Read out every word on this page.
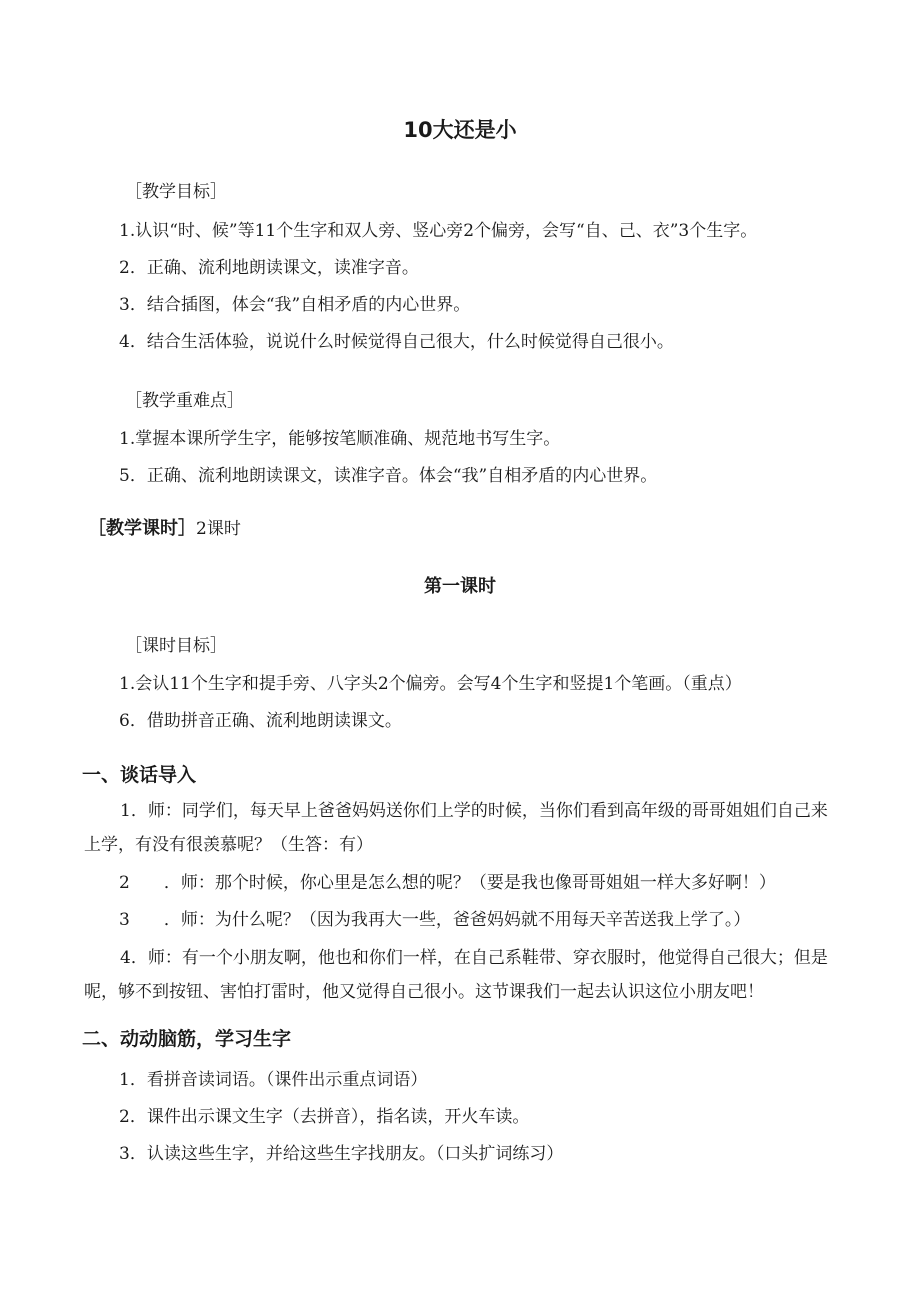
10大还是小
［教学目标］
1.认识“时、候”等11个生字和双人旁、竖心旁2个偏旁，会写“自、己、衣”3个生字。
2．正确、流利地朗读课文，读准字音。
3．结合插图，体会“我”自相矛盾的内心世界。
4．结合生活体验，说说什么时候觉得自己很大，什么时候觉得自己很小。
［教学重难点］
1.掌握本课所学生字，能够按笔顺准确、规范地书写生字。
5．正确、流利地朗读课文，读准字音。体会“我”自相矛盾的内心世界。
［教学课时］2课时
第一课时
［课时目标］
1.会认11个生字和提手旁、八字头2个偏旁。会写4个生字和竖提1个笔画。（重点）
6．借助拼音正确、流利地朗读课文。
一、谈话导入
1．师：同学们，每天早上爸爸妈妈送你们上学的时候，当你们看到高年级的哥哥姐姐们自己来上学，有没有很羡慕呢？（生答：有）
2　　．师：那个时候，你心里是怎么想的呢？（要是我也像哥哥姐姐一样大多好啊！）
3　　．师：为什么呢？（因为我再大一些，爸爸妈妈就不用每天辛苦送我上学了。）
4．师：有一个小朋友啊，他也和你们一样，在自己系鞋带、穿衣服时，他觉得自己很大；但是呢，够不到按钮、害怕打雷时，他又觉得自己很小。这节课我们一起去认识这位小朋友吧！
二、动动脑筋，学习生字
1．看拼音读词语。（课件出示重点词语）
2．课件出示课文生字（去拼音），指名读，开火车读。
3．认读这些生字，并给这些生字找朋友。（口头扩词练习）
